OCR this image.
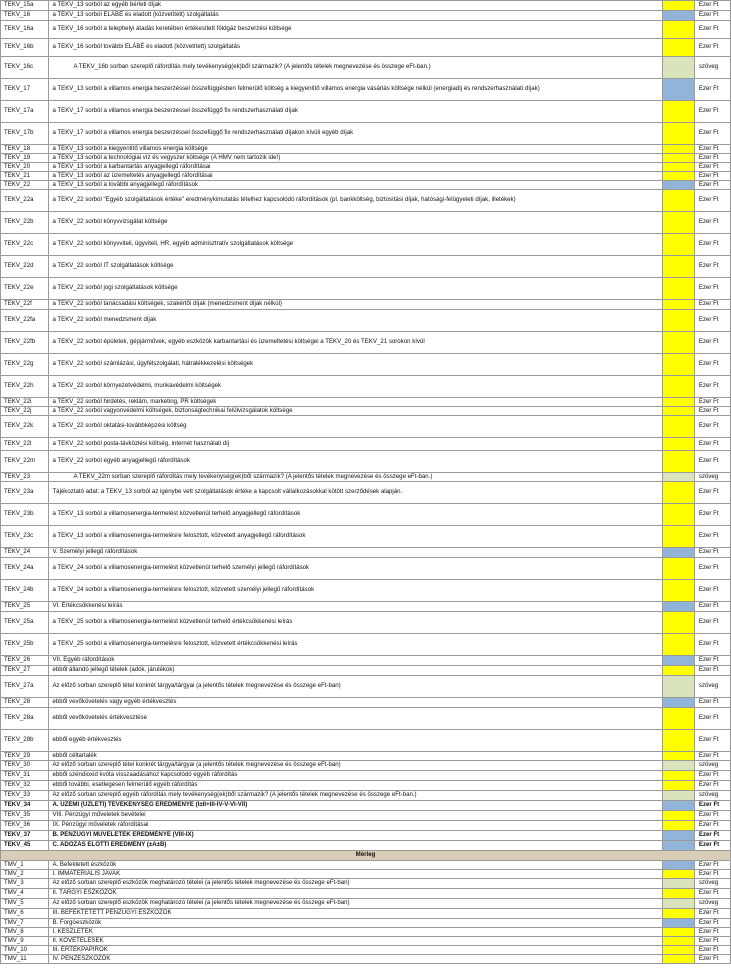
TEKV_15a	a TEKV_13 sorból az egyéb bérleti díjak		Ezer Ft
TEKV_16	a TEKV_13 sorból ELÁBÉ és eladott (közvetített) szolgáltatás		Ezer Ft
TEKV_16a	a TEKV_16 sorból a telephelyi átadás keretében értékesített földgáz beszerzési költsége		Ezer Ft
TEKV_16b	a TEKV_16 sorból további ELÁBÉ és eladott (közvetített) szolgáltatás		Ezer Ft
TEKV_16c	A TEKV_16b sorban szereplő ráfordítás mely tevékenység(ek)ből származik? (A jelentős tételek megnevezése és összege eFt-ban.)		szöveg
TEKV_17	a TEKV_13 sorból a villamos energia beszerzéssel összefüggésben felmerülő költség a kiegyenlítő villamos energia vásárlás költsége nélkül (energiadíj és rendszerhasználati díjak)		Ezer Ft
TEKV_17a	a TEKV_17 sorból a villamos energia beszerzéssel összefüggő fix rendszerhasználati díjak		Ezer Ft
TEKV_17b	a TEKV_17 sorból a villamos energia beszerzéssel összefüggő fix rendszerhasználati díjakon kívüli egyéb díjak		Ezer Ft
TEKV_18	a TEKV_13 sorból a kiegyenlítő villamos energia költsége		Ezer Ft
TEKV_19	a TEKV_13 sorból a technológiai víz és vegyszer költsége (A HMV nem tartozik ide!)		Ezer Ft
TEKV_20	a TEKV_13 sorból a karbantartás anyagjellegű ráfordításai		Ezer Ft
TEKV_21	a TEKV_13 sorból az üzemeltetés anyagjellegű ráfordításai		Ezer Ft
TEKV_22	a TEKV_13 sorból a további anyagjellegű ráfordítások		Ezer Ft
TEKV_22a	a TEKV_22 sorból "Egyéb szolgáltatások értéke" eredménykimutatás tételhez kapcsolódó ráfordítások (pl. bankköltség, biztosítási díjak, hatósági-felügyeleti díjak, illetékek)		Ezer Ft
TEKV_22b	a TEKV_22 sorból könyvvizsgálat költsége		Ezer Ft
TEKV_22c	a TEKV_22 sorból könyvviteli, ügyviteli, HR, egyéb adminisztratív szolgáltatások költsége		Ezer Ft
TEKV_22d	a TEKV_22 sorból IT szolgáltatások költsége		Ezer Ft
TEKV_22e	a TEKV_22 sorból jogi szolgáltatások költsége		Ezer Ft
TEKV_22f	a TEKV_22 sorból tanácsadási költségek, szakértői díjak (menedzsment díjak nélkül)		Ezer Ft
TEKV_22fa	a TEKV_22 sorból menedzsment díjak		Ezer Ft
TEKV_22fb	a TEKV_22 sorból épületek, gépjárművek, egyéb eszközök karbantartási és üzemeltetési költségei a TEKV_20 és TEKV_21 sorokon kívül		Ezer Ft
TEKV_22g	a TEKV_22 sorból számlázási, ügyfélszolgálati, hátralékkezelési költségek		Ezer Ft
TEKV_22h	a TEKV_22 sorból környezetvédelmi, munkavédelmi költségek		Ezer Ft
TEKV_22i	a TEKV_22 sorból hirdetés, reklám, marketing, PR költségek		Ezer Ft
TEKV_22j	a TEKV_22 sorból vagyonvédelmi költségek, biztonságtechnikai felülvizsgálatok költsége		Ezer Ft
TEKV_22k	a TEKV_22 sorból oktatási-továbbképzési költség		Ezer Ft
TEKV_22l	a TEKV_22 sorból posta-távközlési költség, internet használati díj		Ezer Ft
TEKV_22m	a TEKV_22 sorból egyéb anyagjellegű ráfordítások		Ezer Ft
TEKV_23	A TEKV_22m sorban szereplő ráfordítás mely tevékenység(ek)ből származik? (A jelentős tételek megnevezése és összege eFt-ban.)		szöveg
TEKV_23a	Tájékoztató adat: a TEKV_13 sorból az igénybe vett szolgáltatások értéke a kapcsolt vállalkozásokkal kötött szerződések alapján.		Ezer Ft
TEKV_23b	a TEKV_13 sorból a villamosenergia-termelést közvetlenül terhelő anyagjellegű ráfordítások		Ezer Ft
TEKV_23c	a TEKV_13 sorból a villamosenergia-termelésre felosztott, közvetett anyagjellegű ráfordítások		Ezer Ft
TEKV_24	V. Személyi jellegű ráfordítások		Ezer Ft
TEKV_24a	a TEKV_24 sorból a villamosenergia-termelést közvetlenül terhelő személyi jellegű ráfordítások		Ezer Ft
TEKV_24b	a TEKV_24 sorból a villamosenergia-termelésre felosztott, közvetett személyi jellegű ráfordítások		Ezer Ft
TEKV_25	VI. Értékcsökkenési leírás		Ezer Ft
TEKV_25a	a TEKV_25 sorból a villamosenergia-termelést közvetlenül terhelő értékcsökkenési leírás		Ezer Ft
TEKV_25b	a TEKV_25 sorból a villamosenergia-termelésre felosztott, közvetett értékcsökkenési leírás		Ezer Ft
TEKV_26	VII. Egyéb ráfordítások		Ezer Ft
TEKV_27	ebből állandó jellegű tételek (adók, járulékok)		Ezer Ft
TEKV_27a	Az előző sorban szereplő tétel konkrét tárgya/tárgyai (a jelentős tételek megnevezése és összege eFt-ban)		szöveg
TEKV_28	ebből vevőkövetelés vagy egyéb értékvesztés		Ezer Ft
TEKV_28a	ebből vevőkövetelés értékvesztése		Ezer Ft
TEKV_28b	ebből egyéb értékvesztés		Ezer Ft
TEKV_29	ebből céltartalék		Ezer Ft
TEKV_30	Az előző sorban szereplő tétel konkrét tárgya/tárgyai (a jelentős tételek megnevezése és összege eFt-ban)		szöveg
TEKV_31	ebből széndioxid kvóta visszaadásához kapcsolódó egyéb ráfordítás		Ezer Ft
TEKV_32	ebből további, esetlegesen felmerülő egyéb ráfordítás		Ezer Ft
TEKV_33	Az előző sorban szereplő egyéb ráfordítás mely tevékenység(ek)ből származik? (A jelentős tételek megnevezése és összege eFt-ban.)		szöveg
TEKV_34	A. ÜZEMI (ÜZLETI) TEVÉKENYSÉG EREDMÉNYE (I±II+III-IV-V-VI-VII)		Ezer Ft
TEKV_35	VIII. Pénzügyi műveletek bevételei		Ezer Ft
TEKV_36	IX. Pénzügyi műveletek ráfordításai		Ezer Ft
TEKV_37	B. PÉNZÜGYI MŰVELETEK EREDMÉNYE (VIII-IX)		Ezer Ft
TEKV_45	C. ADÓZÁS ELŐTTI EREDMÉNY (±A±B)		Ezer Ft
Mérleg			
TMV_1	A. Befektetett eszközök		Ezer Ft
TMV_2	I. IMMATERIÁLIS JAVAK		Ezer Ft
TMV_3	Az előző sorban szereplő eszközök meghatározó tételei (a jelentős tételek megnevezése és összege eFt-ban)		szöveg
TMV_4	II. TÁRGYI ESZKÖZÖK		Ezer Ft
TMV_5	Az előző sorban szereplő eszközök meghatározó tételei (a jelentős tételek megnevezése és összege eFt-ban)		szöveg
TMV_6	III. BEFEKTETETT PÉNZÜGYI ESZKÖZÖK		Ezer Ft
TMV_7	B. Forgóeszközök		Ezer Ft
TMV_8	I. KÉSZLETEK		Ezer Ft
TMV_9	II. KÖVETELÉSEK		Ezer Ft
TMV_10	III. ÉRTÉKPAPÍROK		Ezer Ft
TMV_11	IV. PÉNZESZKÖZÖK		Ezer Ft
